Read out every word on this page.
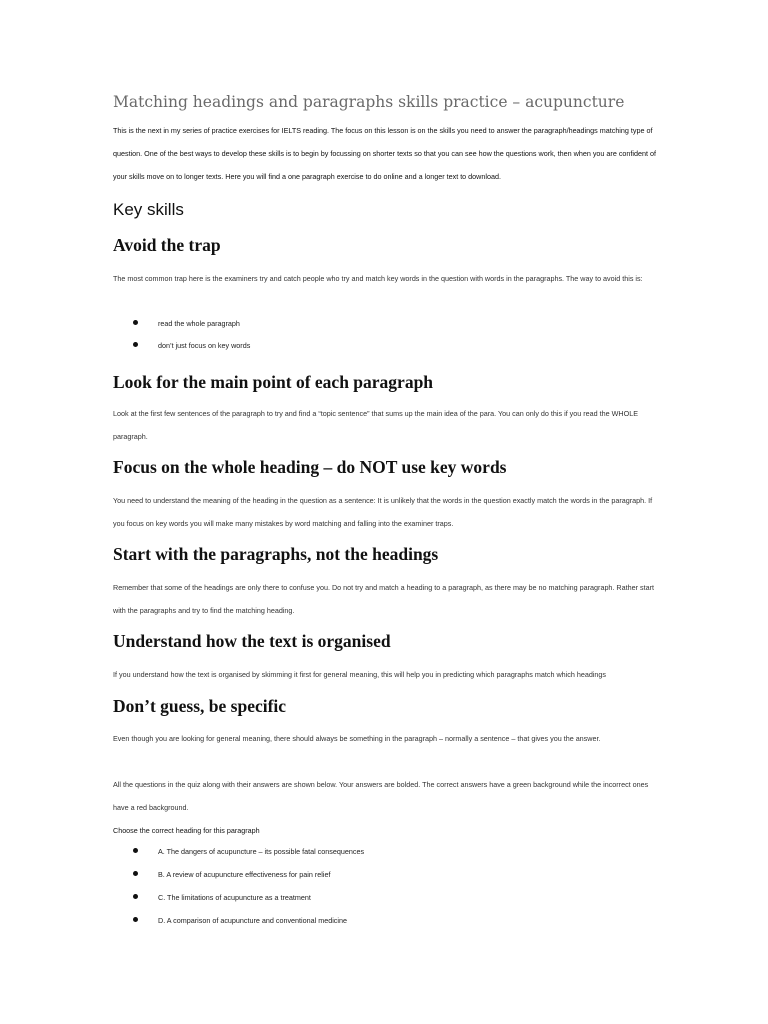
Matching headings and paragraphs skills practice – acupuncture

This is the next in my series of practice exercises for IELTS reading. The focus on this lesson is on the skills you need to answer the paragraph/headings matching type of question. One of the best ways to develop these skills is to begin by focussing on shorter texts so that you can see how the questions work, then when you are confident of your skills move on to longer texts. Here you will find a one paragraph exercise to do online and a longer text to download.

Key skills
Avoid the trap

The most common trap here is the examiners try and catch people who try and match key words in the question with words in the paragraphs. The way to avoid this is:

read the whole paragraph
don’t just focus on key words
Look for the main point of each paragraph

Look at the first few sentences of the paragraph to try and find a “topic sentence” that sums up the main idea of the para. You can only do this if you read the WHOLE paragraph.

Focus on the whole heading – do NOT use key words

You need to understand the meaning of the heading in the question as a sentence: It is unlikely that the words in the question exactly match the words in the paragraph. If you focus on key words you will make many mistakes by word matching and falling into the examiner traps.

Start with the paragraphs, not the headings

Remember that some of the headings are only there to confuse you. Do not try and match a heading to a paragraph, as there may be no matching paragraph. Rather start with the paragraphs and try to find the matching heading.

Understand how the text is organised

If you understand how the text is organised by skimming it first for general meaning, this will help you in predicting which paragraphs match which headings

Don’t guess, be specific

Even though you are looking for general meaning, there should always be something in the paragraph – normally a sentence – that gives you the answer.

All the questions in the quiz along with their answers are shown below. Your answers are bolded. The correct answers have a green background while the incorrect ones have a red background.

Choose the correct heading for this paragraph

A. The dangers of acupuncture – its possible fatal consequences
B. A review of acupuncture effectiveness for pain relief
C. The limitations of acupuncture as a treatment
D. A comparison of acupuncture and conventional medicine
